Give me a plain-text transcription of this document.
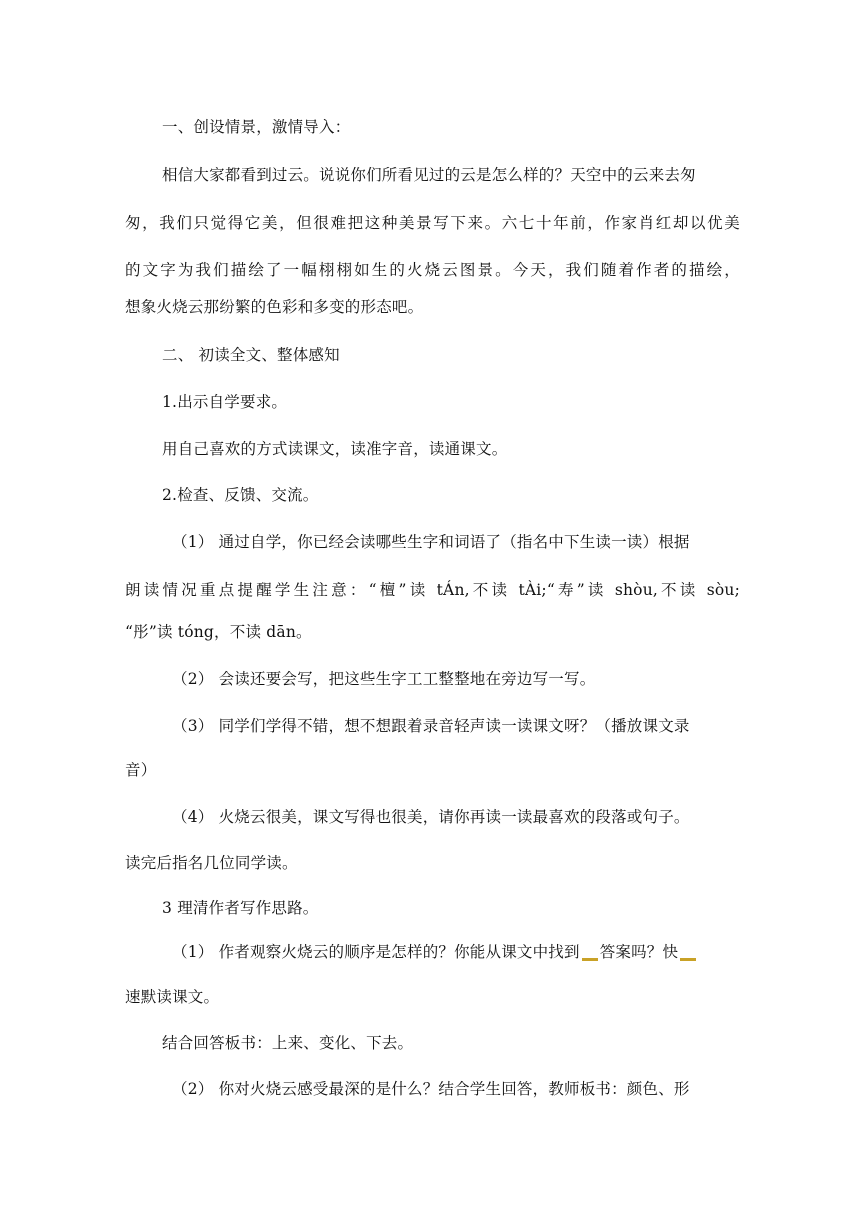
一、创设情景，激情导入：
相信大家都看到过云。说说你们所看见过的云是怎么样的？天空中的云来去匆
匆，我们只觉得它美，但很难把这种美景写下来。六七十年前，作家肖红却以优美
的文字为我们描绘了一幅栩栩如生的火烧云图景。今天，我们随着作者的描绘，
想象火烧云那纷繁的色彩和多变的形态吧。
二、 初读全文、整体感知
1.出示自学要求。
用自己喜欢的方式读课文，读准字音，读通课文。
2.检查、反馈、交流。
（1） 通过自学，你已经会读哪些生字和词语了（指名中下生读一读）根据
朗读情况重点提醒学生注意：“檀”读 tÁn,不读 tÀi;“寿”读 shòu,不读 sòu;
“彤”读 tóng，不读 dān。
（2） 会读还要会写，把这些生字工工整整地在旁边写一写。
（3） 同学们学得不错，想不想跟着录音轻声读一读课文呀？（播放课文录
音）
（4） 火烧云很美，课文写得也很美，请你再读一读最喜欢的段落或句子。
读完后指名几位同学读。
3 理清作者写作思路。
（1） 作者观察火烧云的顺序是怎样的？你能从课文中找到 答案吗？快
速默读课文。
结合回答板书：上来、变化、下去。
（2） 你对火烧云感受最深的是什么？结合学生回答，教师板书：颜色、形
